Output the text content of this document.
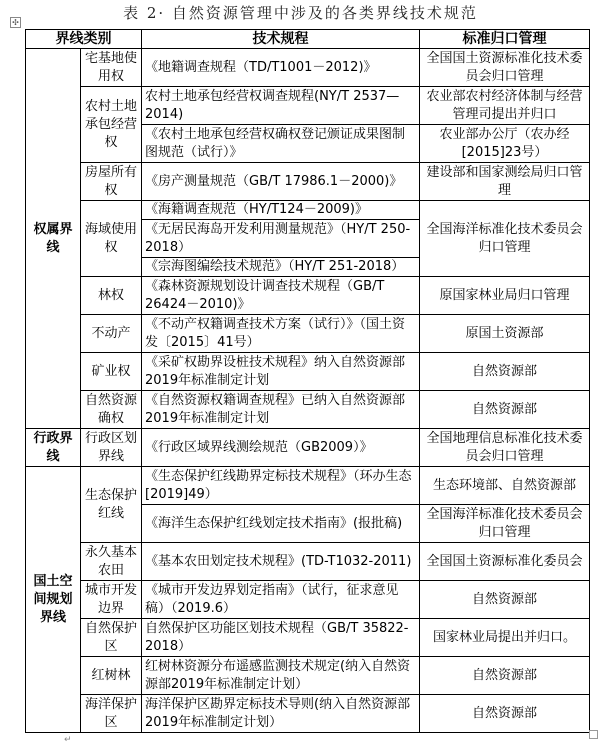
表 2· 自然资源管理中涉及的各类界线技术规范
✣
界线类别		技术规程	标准归口管理
权属界线	宅基地使用权	《地籍调查规程（TD/T1001－2012)》	全国国土资源标准化技术委员会归口管理
	农村土地承包经营权	农村土地承包经营权调查规程(NY/T 2537—2014)	农业部农村经济体制与经营管理司提出并归口
		《农村土地承包经营权确权登记颁证成果图制图规范（试行）》	农业部办公厅（农办经[2015]23号）
	房屋所有权	《房产测量规范（GB/T 17986.1－2000)》	建设部和国家测绘局归口管理
	海域使用权	《海籍调查规范（HY/T124－2009)》	全国海洋标准化技术委员会归口管理
		《无居民海岛开发利用测量规范》（HY/T 250-2018）	
		《宗海图编绘技术规范》（HY/T 251-2018）	
	林权	《森林资源规划设计调查技术规程（GB/T 26424－2010)》	原国家林业局归口管理
	不动产	《不动产权籍调查技术方案（试行）》（国土资发〔2015〕41号）	原国土资源部
	矿业权	《采矿权勘界设桩技术规程》纳入自然资源部2019年标准制定计划	自然资源部
	自然资源确权	《自然资源权籍调查规程》已纳入自然资源部2019年标准制定计划	自然资源部
行政界线	行政区划界线	《行政区域界线测绘规范（GB2009）》	全国地理信息标准化技术委员会归口管理
国土空间规划界线	生态保护红线	《生态保护红线勘界定标技术规程》（环办生态[2019]49）	生态环境部、自然资源部
		《海洋生态保护红线划定技术指南》(报批稿)	全国海洋标准化技术委员会归口管理
	永久基本农田	《基本农田划定技术规程》(TD-T1032-2011)	全国国土资源标准化委员会
	城市开发边界	《城市开发边界划定指南》（试行，征求意见稿）（2019.6）	自然资源部
	自然保护区	自然保护区功能区划技术规程（GB/T 35822-2018）	国家林业局提出并归口。
	红树林	红树林资源分布遥感监测技术规定(纳入自然资源部2019年标准制定计划）	自然资源部
	海洋保护区	海洋保护区勘界定标技术导则(纳入自然资源部2019年标准制定计划）	自然资源部
↵
